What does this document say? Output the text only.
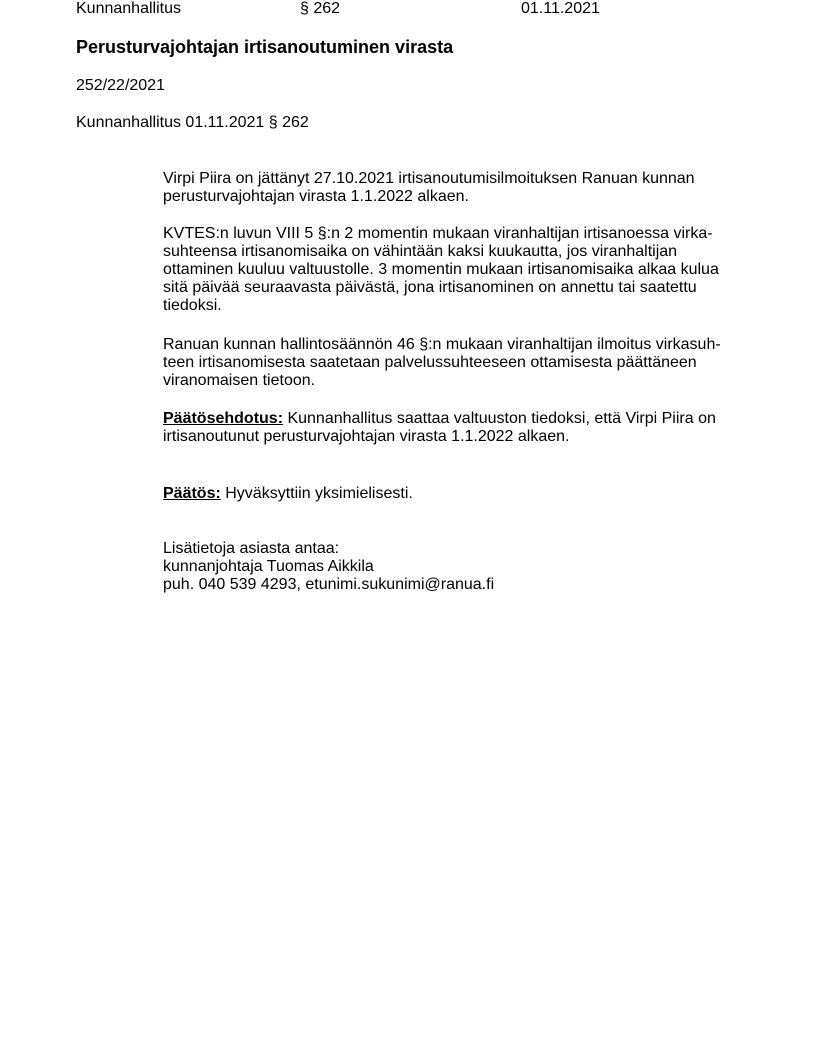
Kunnanhallitus	§ 262	01.11.2021
Perusturvajohtajan irtisanoutuminen virasta
252/22/2021
Kunnanhallitus 01.11.2021 § 262
Virpi Piira on jättänyt 27.10.2021 irtisanoutumisilmoituksen Ranuan kunnan
perusturvajohtajan virasta 1.1.2022 alkaen.
KVTES:n luvun VIII 5 §:n 2 momentin mukaan viranhaltijan irtisanoessa virka-
suhteensa irtisanomisaika on vähintään kaksi kuukautta, jos viranhaltijan
ottaminen kuuluu valtuustolle. 3 momentin mukaan irtisanomisaika alkaa kulua
sitä päivää seuraavasta päivästä, jona irtisanominen on annettu tai saatettu
tiedoksi.
Ranuan kunnan hallintosäännön 46 §:n mukaan viranhaltijan ilmoitus virkasuh-
teen irtisanomisesta saatetaan palvelussuhteeseen ottamisesta päättäneen
viranomaisen tietoon.
Päätösehdotus: Kunnanhallitus saattaa valtuuston tiedoksi, että Virpi Piira on
irtisanoutunut perusturvajohtajan virasta 1.1.2022 alkaen.
Päätös: Hyväksyttiin yksimielisesti.
Lisätietoja asiasta antaa:
kunnanjohtaja Tuomas Aikkila
puh. 040 539 4293, etunimi.sukunimi@ranua.fi
